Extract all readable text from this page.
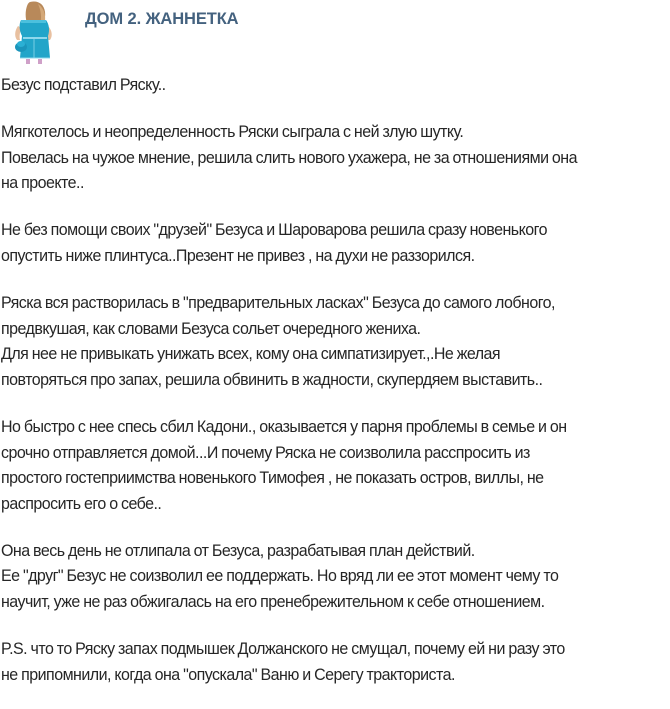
ДОМ 2. ЖАННЕТКА
Безус подставил Ряску..
Мягкотелось и неопределенность Ряски сыграла с ней злую шутку.
Повелась на чужое мнение, решила слить нового ухажера, не за отношениями она
на проекте..
Не без помощи своих "друзей" Безуса и Шароварова решила сразу новенького
опустить ниже плинтуса..Презент не привез , на духи не раззорился.
Ряска вся растворилась в "предварительных ласках" Безуса до самого лобного,
предвкушая, как словами Безуса сольет очередного жениха.
Для нее не привыкать унижать всех, кому она симпатизирует.,.Не желая
повторяться про запах, решила обвинить в жадности, скупердяем выставить..
Но быстро с нее спесь сбил Кадони., оказывается у парня проблемы в семье и он
срочно отправляется домой...И почему Ряска не соизволила расспросить из
простого гостеприимства новенького Тимофея , не показать остров, виллы, не
распросить его о себе..
Она весь день не отлипала от Безуса, разрабатывая план действий.
Ее "друг" Безус не соизволил ее поддержать. Но вряд ли ее этот момент чему то
научит, уже не раз обжигалась на его пренебрежительном к себе отношением.
P.S. что то Ряску запах подмышек Должанского не смущал, почему ей ни разу это
не припомнили, когда она "опускала" Ваню и Серегу тракториста.
